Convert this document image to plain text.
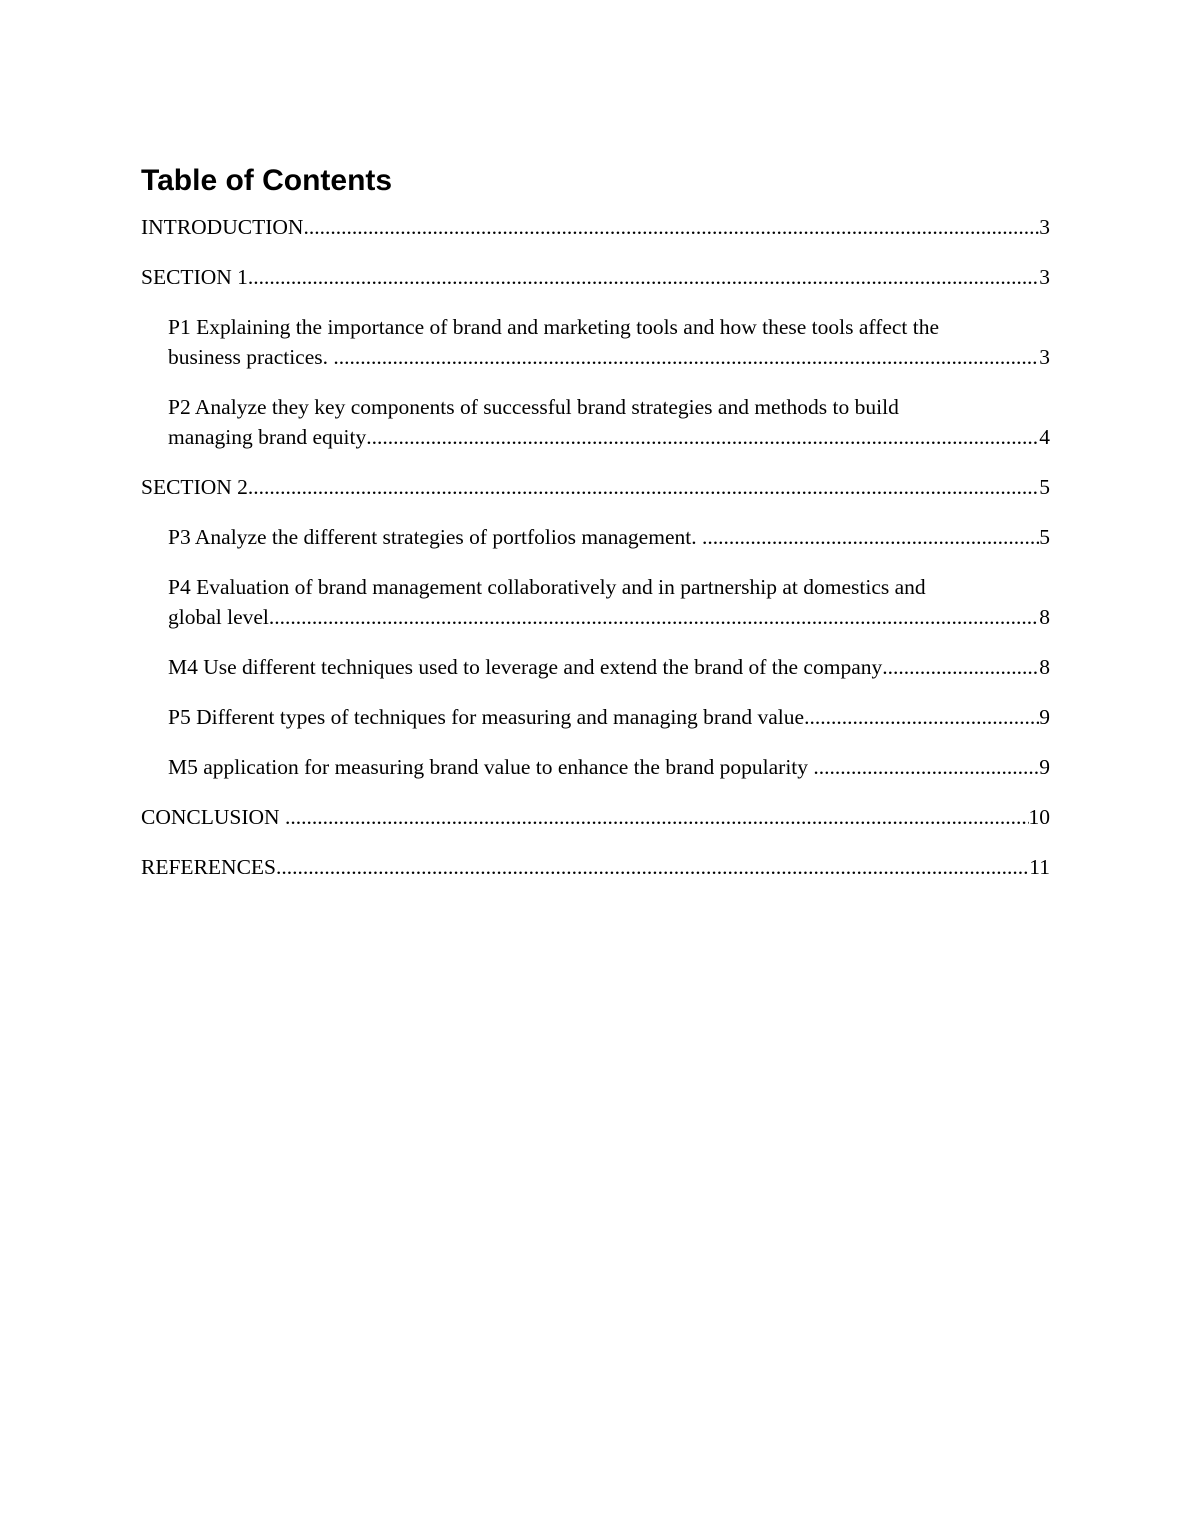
Table of Contents
INTRODUCTION .....	3
SECTION 1 .....	3
P1 Explaining the importance of brand and marketing tools and how these tools affect the
business practices. .....	3
P2 Analyze they key components of successful brand strategies and methods to build
managing brand equity .....	4
SECTION 2 .....	5
P3 Analyze the different strategies of portfolios management. .....	5
P4 Evaluation of brand management collaboratively and in partnership at domestics and
global level .....	8
M4 Use different techniques used to leverage and extend the brand of the company .....	8
P5 Different types of techniques for measuring and managing brand value .....	9
M5 application for measuring brand value to enhance the brand popularity .....	9
CONCLUSION .....	10
REFERENCES .....	11
